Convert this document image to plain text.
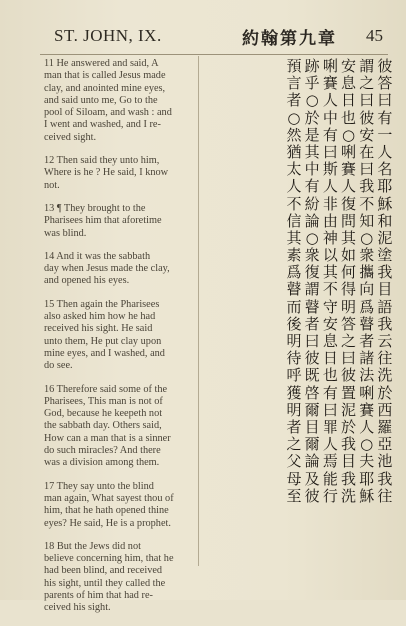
ST. JOHN, IX.	約翰第九章 45
11 He answered and said, A
man that is called Jesus made
clay, and anointed mine eyes,
and said unto me, Go to the
pool of Siloam, and wash : and
I went and washed, and I re-
ceived sight.
12 Then said they unto him,
Where is he ? He said, I know
not.
13 ¶ They brought to the
Pharisees him that aforetime
was blind.
14 And it was the sabbath
day when Jesus made the clay,
and opened his eyes.
15 Then again the Pharisees
also asked him how he had
received his sight. He said
unto them, He put clay upon
mine eyes, and I washed, and
do see.
16 Therefore said some of the
Pharisees, This man is not of
God, because he keepeth not
the sabbath day. Others said,
How can a man that is a sinner
do such miracles? And there
was a division among them.
17 They say unto the blind
man again, What sayest thou of
him, that he hath opened thine
eyes? He said, He is a prophet.
18 But the Jews did not
believe concerning him, that he
had been blind, and received
his sight, until they called the
parents of him that had re-
ceived his sight.
彼
答
曰
有
一
人
名
耶
穌
和
泥
塗
我
目
語
我
云
往
洗
於
西
羅
亞
池
我
往
謂
之
曰
彼
安
在
曰
我
不
知
○
衆
攜
向
爲
瞽
者
諸
法
唎
賽
人
○
夫
耶
穌
安
息
日
也
○
唎
賽
人
復
問
其
如
何
得
明
答
之
曰
彼
置
泥
於
我
目
我
洗
唎
賽
人
中
有
曰
斯
人
非
由
神
以
其
不
守
安
息
日
也
有
曰
罪
人
焉
能
行
跡
乎
○
於
是
其
中
有
紛
論
○
衆
復
謂
瞽
者
曰
彼
既
啓
爾
目
爾
論
及
彼
預
言
者
○
然
猶
太
人
不
信
其
素
爲
瞽
而
後
明
待
呼
獲
明
者
之
父
母
至
